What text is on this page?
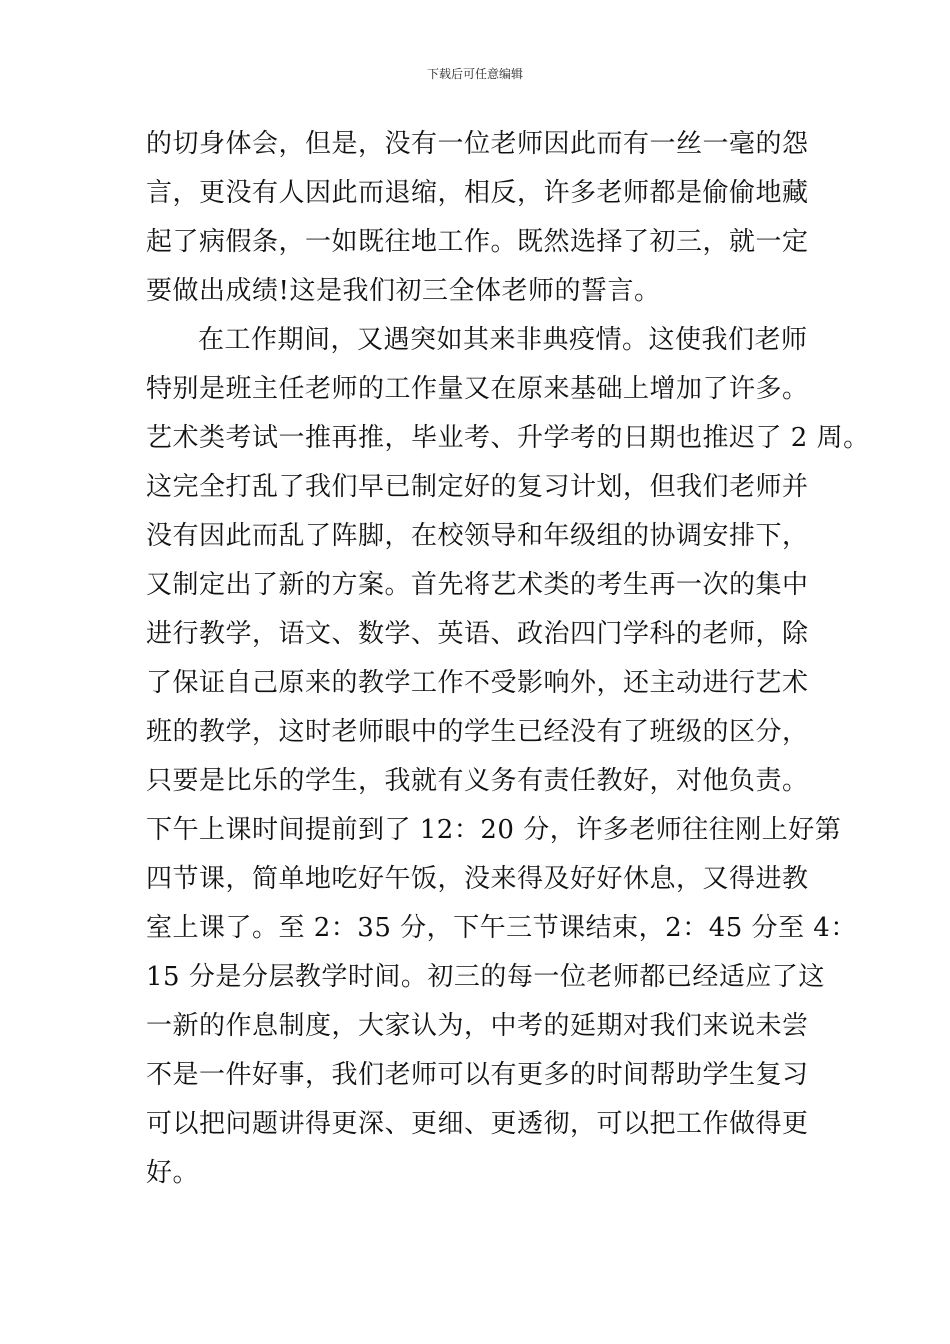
下载后可任意编辑
的切身体会，但是，没有一位老师因此而有一丝一毫的怨
言，更没有人因此而退缩，相反，许多老师都是偷偷地藏
起了病假条，一如既往地工作。既然选择了初三，就一定
要做出成绩!这是我们初三全体老师的誓言。
在工作期间，又遇突如其来非典疫情。这使我们老师
特别是班主任老师的工作量又在原来基础上增加了许多。
艺术类考试一推再推，毕业考、升学考的日期也推迟了 2 周。
这完全打乱了我们早已制定好的复习计划，但我们老师并
没有因此而乱了阵脚，在校领导和年级组的协调安排下，
又制定出了新的方案。首先将艺术类的考生再一次的集中
进行教学，语文、数学、英语、政治四门学科的老师，除
了保证自己原来的教学工作不受影响外，还主动进行艺术
班的教学，这时老师眼中的学生已经没有了班级的区分，
只要是比乐的学生，我就有义务有责任教好，对他负责。
下午上课时间提前到了 12：20 分，许多老师往往刚上好第
四节课，简单地吃好午饭，没来得及好好休息，又得进教
室上课了。至 2：35 分，下午三节课结束，2：45 分至 4：
15 分是分层教学时间。初三的每一位老师都已经适应了这
一新的作息制度，大家认为，中考的延期对我们来说未尝
不是一件好事，我们老师可以有更多的时间帮助学生复习
可以把问题讲得更深、更细、更透彻，可以把工作做得更
好。
